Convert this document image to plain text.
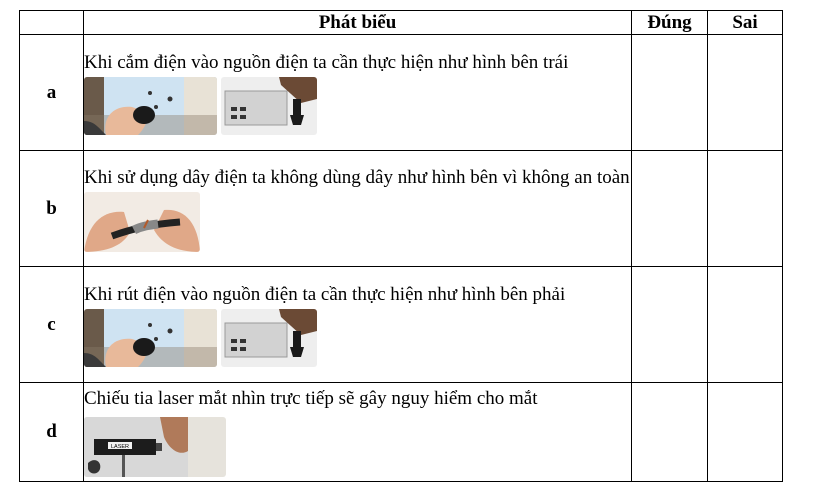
	Phát biểu	Đúng	Sai
a	Khi cắm điện vào nguồn điện ta cần thực hiện như hình bên trái		

b	Khi sử dụng dây điện ta không dùng dây như hình bên vì không an toàn		

c	Khi rút điện vào nguồn điện ta cần thực hiện như hình bên phải		

d	Chiếu tia laser mắt nhìn trực tiếp sẽ gây nguy hiểm cho mắt
LASER		
